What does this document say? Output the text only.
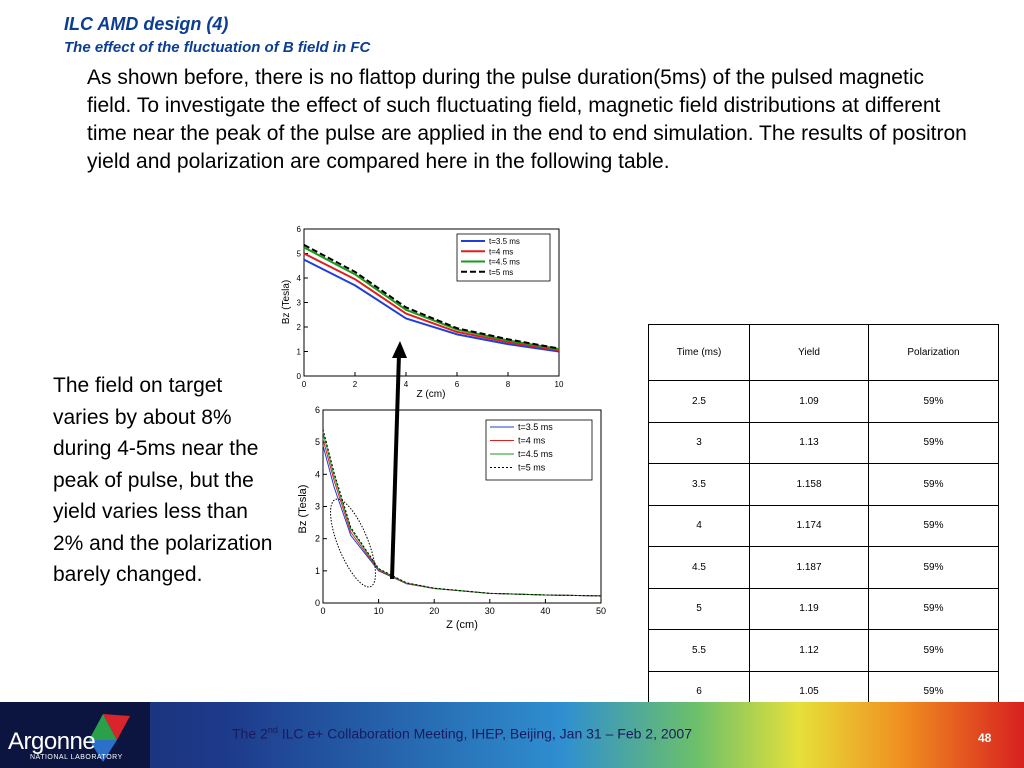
ILC AMD design (4)
The effect of the fluctuation of B field in FC
As shown before, there is no flattop during the pulse duration(5ms) of the pulsed magnetic field. To investigate the effect of such fluctuating field, magnetic field distributions at different time near the peak of the pulse are applied in the end to end simulation. The results of positron yield and polarization are compared here in the following table.
The field on target varies by about 8% during 4-5ms near the peak of pulse, but the yield varies less than 2% and the polarization barely changed.
0
1
2
3
4
5
6
0	2	4	6	8	10
t=3.5 ms
t=4 ms
t=4.5 ms
t=5 ms
Z (cm)
Bz (Tesla)
0
1
2
3
4
5
6
0	10	20	30	40	50
t=3.5 ms
t=4 ms
t=4.5 ms
t=5 ms
Z (cm)
Bz (Tesla)
Time (ms)	Yield	Polarization
2.5	1.09	59%
3	1.13	59%
3.5	1.158	59%
4	1.174	59%
4.5	1.187	59%
5	1.19	59%
5.5	1.12	59%
6	1.05	59%
Argonne
NATIONAL LABORATORY
The 2nd ILC e+ Collaboration Meeting, IHEP, Beijing, Jan 31 – Feb 2, 2007	48
